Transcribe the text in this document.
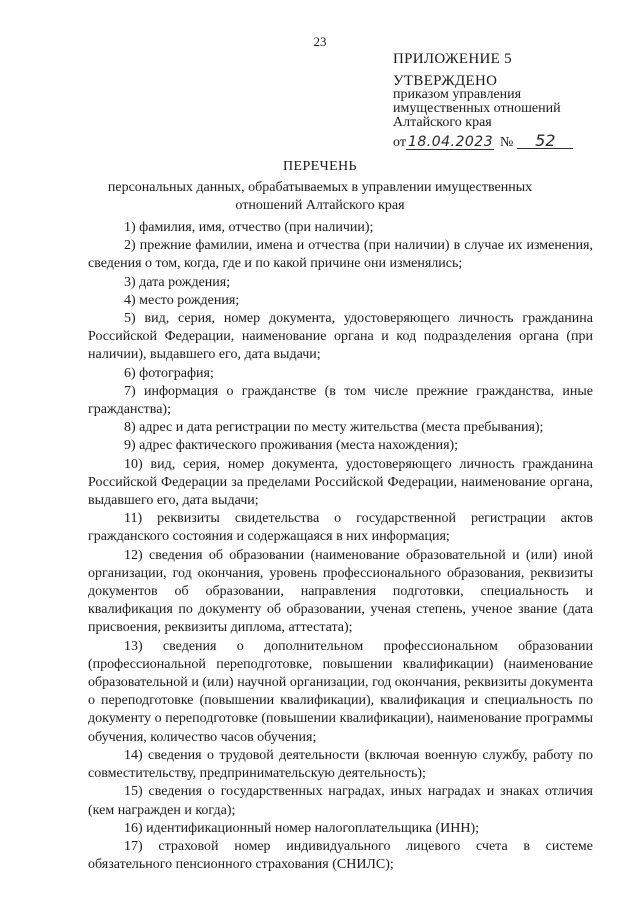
23
ПРИЛОЖЕНИЕ 5
УТВЕРЖДЕНО
приказом управления
имущественных отношений
Алтайского края
от 18.04.2023 №	52
ПЕРЕЧЕНЬ
персональных данных, обрабатываемых в управлении имущественных
отношений Алтайского края

1) фамилия, имя, отчество (при наличии);

2) прежние фамилии, имена и отчества (при наличии) в случае их изменения, сведения о том, когда, где и по какой причине они изменялись;

3) дата рождения;

4) место рождения;

5) вид, серия, номер документа, удостоверяющего личность гражданина Российской Федерации, наименование органа и код подразделения органа (при наличии), выдавшего его, дата выдачи;

6) фотография;

7) информация о гражданстве (в том числе прежние гражданства, иные гражданства);

8) адрес и дата регистрации по месту жительства (места пребывания);

9) адрес фактического проживания (места нахождения);

10) вид, серия, номер документа, удостоверяющего личность гражданина Российской Федерации за пределами Российской Федерации, наименование органа, выдавшего его, дата выдачи;

11) реквизиты свидетельства о государственной регистрации актов гражданского состояния и содержащаяся в них информация;

12) сведения об образовании (наименование образовательной и (или) иной организации, год окончания, уровень профессионального образования, реквизиты документов об образовании, направления подготовки, специальность и квалификация по документу об образовании, ученая степень, ученое звание (дата присвоения, реквизиты диплома, аттестата);

13) сведения о дополнительном профессиональном образовании (профессиональной переподготовке, повышении квалификации) (наименование образовательной и (или) научной организации, год окончания, реквизиты документа о переподготовке (повышении квалификации), квалификация и специальность по документу о переподготовке (повышении квалификации), наименование программы обучения, количество часов обучения;

14) сведения о трудовой деятельности (включая военную службу, работу по совместительству, предпринимательскую деятельность);

15) сведения о государственных наградах, иных наградах и знаках отличия (кем награжден и когда);

16) идентификационный номер налогоплательщика (ИНН);

17) страховой номер индивидуального лицевого счета в системе обязательного пенсионного страхования (СНИЛС);
